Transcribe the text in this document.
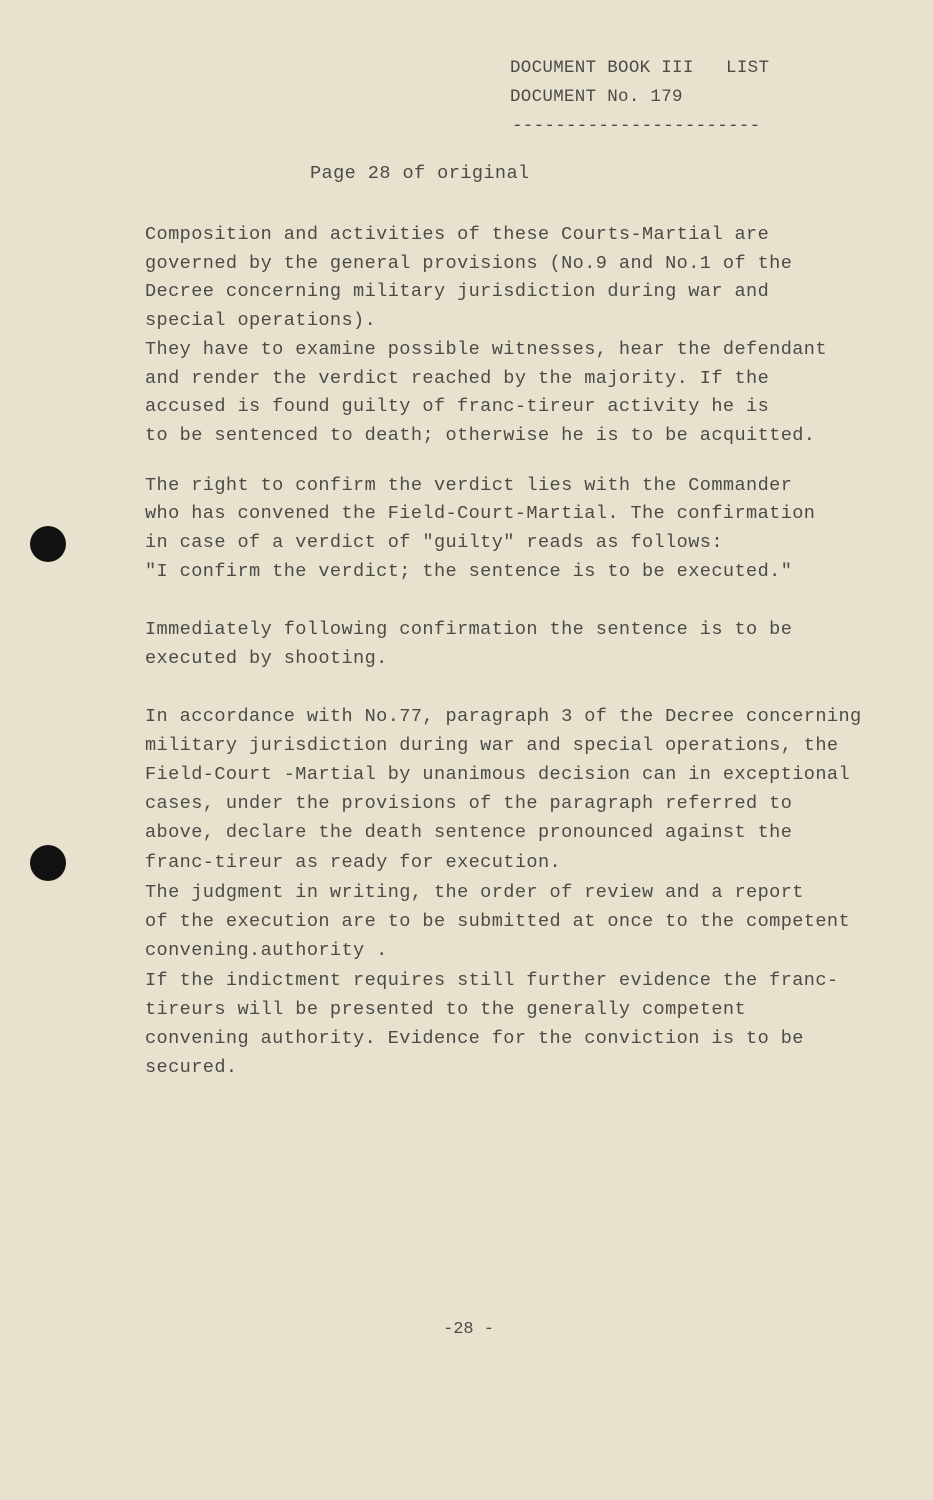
DOCUMENT BOOK III   LIST
DOCUMENT No. 179
-----------------------
Page 28 of original
Composition and activities of these Courts-Martial are
governed by the general provisions (No.9 and No.1 of the
Decree concerning military jurisdiction during war and
special operations).
They have to examine possible witnesses, hear the defendant
and render the verdict reached by the majority. If the
accused is found guilty of franc-tireur activity he is
to be sentenced to death; otherwise he is to be acquitted.
The right to confirm the verdict lies with the Commander
who has convened the Field-Court-Martial. The confirmation
in case of a verdict of "guilty" reads as follows:
"I confirm the verdict; the sentence is to be executed."
Immediately following confirmation the sentence is to be
executed by shooting.
In accordance with No.77, paragraph 3 of the Decree concerning
military jurisdiction during war and special operations, the
Field-Court -Martial by unanimous decision can in exceptional
cases, under the provisions of the paragraph referred to
above, declare the death sentence pronounced against the
franc-tireur as ready for execution.
The judgment in writing, the order of review and a report
of the execution are to be submitted at once to the competent
convening.authority .
If the indictment requires still further evidence the franc-
tireurs will be presented to the generally competent
convening authority. Evidence for the conviction is to be
secured.
-28 -
